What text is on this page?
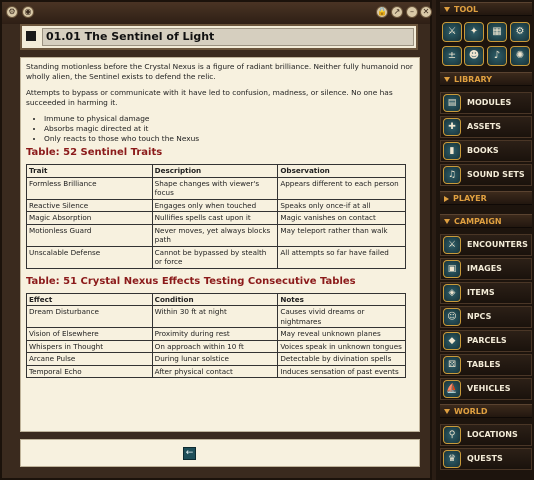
⚙	◉	🔒 ↗	–	✕
01.01 The Sentinel of Light

Standing motionless before the Crystal Nexus is a figure of radiant brilliance. Neither fully humanoid nor wholly alien, the Sentinel exists to defend the relic.

Attempts to bypass or communicate with it have led to confusion, madness, or silence. No one has succeeded in harming it.

• Immune to physical damage
• Absorbs magic directed at it
• Only reacts to those who touch the Nexus
Table: 52 Sentinel Traits
Trait	Description	Observation
Formless Brilliance	Shape changes with viewer's focus	Appears different to each person
Reactive Silence	Engages only when touched	Speaks only once-if at all
Magic Absorption	Nullifies spells cast upon it	Magic vanishes on contact
Motionless Guard	Never moves, yet always blocks path	May teleport rather than walk
Unscalable Defense	Cannot be bypassed by stealth or force	All attempts so far have failed
Table: 51 Crystal Nexus Effects Testing Consecutive Tables
Effect	Condition	Notes
Dream Disturbance	Within 30 ft at night	Causes vivid dreams or nightmares
Vision of Elsewhere	Proximity during rest	May reveal unknown planes
Whispers in Thought	On approach within 10 ft	Voices speak in unknown tongues
Arcane Pulse	During lunar solstice	Detectable by divination spells
Temporal Echo	After physical contact	Induces sensation of past events
←
TOOL
⚔	✦	▦	⚙
±	☻	♪	✺
LIBRARY
▤	MODULES
✚	ASSETS
▮	BOOKS
♫	SOUND SETS
PLAYER
CAMPAIGN
⚔	ENCOUNTERS
▣	IMAGES
◈	ITEMS
☺	NPCS
◆	PARCELS
⚄	TABLES
⛵	VEHICLES
WORLD
⚲	LOCATIONS
♛	QUESTS
